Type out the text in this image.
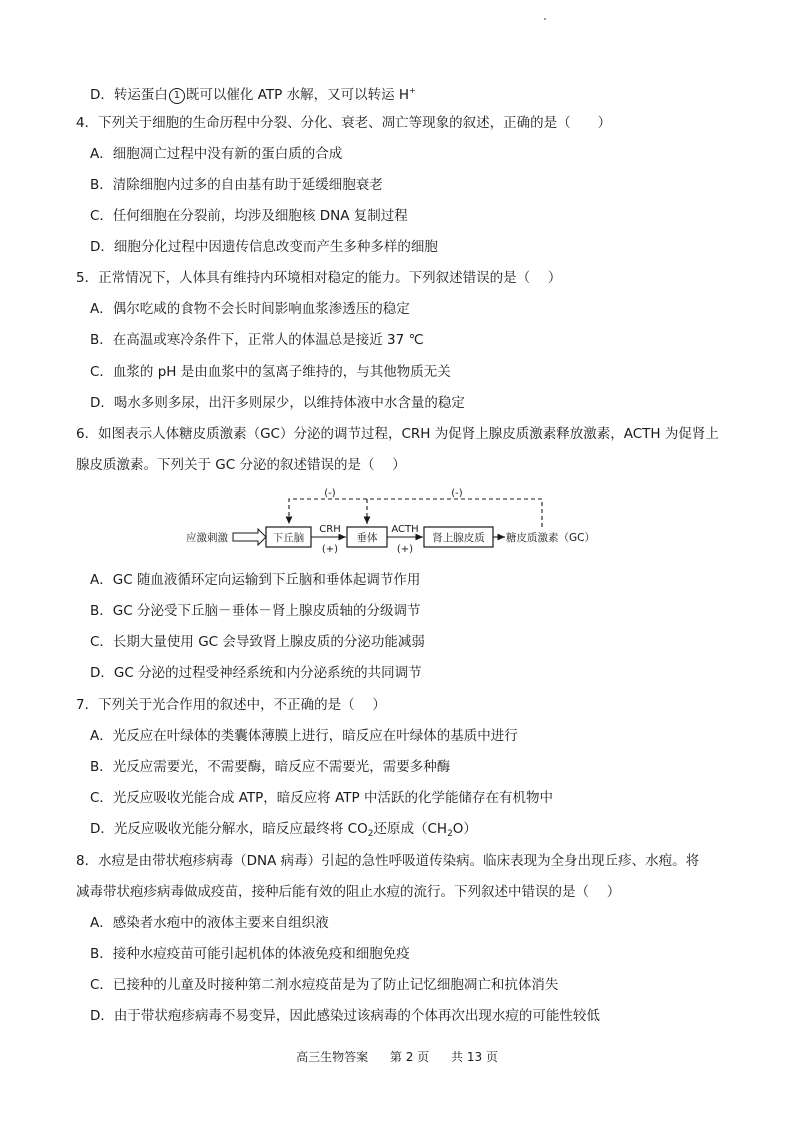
D．转运蛋白 1 既可以催化 ATP 水解，又可以转运 H+
4．下列关于细胞的生命历程中分裂、分化、衰老、凋亡等现象的叙述，正确的是（　　）
A．细胞凋亡过程中没有新的蛋白质的合成
B．清除细胞内过多的自由基有助于延缓细胞衰老
C．任何细胞在分裂前，均涉及细胞核 DNA 复制过程
D．细胞分化过程中因遗传信息改变而产生多种多样的细胞
5．正常情况下，人体具有维持内环境相对稳定的能力。下列叙述错误的是（　 ）
A．偶尔吃咸的食物不会长时间影响血浆渗透压的稳定
B．在高温或寒冷条件下，正常人的体温总是接近 37 ℃
C．血浆的 pH 是由血浆中的氢离子维持的，与其他物质无关
D．喝水多则多尿，出汗多则尿少，以维持体液中水含量的稳定
6．如图表示人体糖皮质激素（GC）分泌的调节过程，CRH 为促肾上腺皮质激素释放激素，ACTH 为促肾上
腺皮质激素。下列关于 GC 分泌的叙述错误的是（　 ）
(-)	(-)
应激刺激	下丘脑
CRH
(+)
垂体
ACTH
(+)
肾上腺皮质 糖皮质激素（GC）
A．GC 随血液循环定向运输到下丘脑和垂体起调节作用
B．GC 分泌受下丘脑－垂体－肾上腺皮质轴的分级调节
C．长期大量使用 GC 会导致肾上腺皮质的分泌功能减弱
D．GC 分泌的过程受神经系统和内分泌系统的共同调节
7．下列关于光合作用的叙述中，不正确的是（　 ）
A．光反应在叶绿体的类囊体薄膜上进行，暗反应在叶绿体的基质中进行
B．光反应需要光，不需要酶，暗反应不需要光，需要多种酶
C．光反应吸收光能合成 ATP，暗反应将 ATP 中活跃的化学能储存在有机物中
D．光反应吸收光能分解水，暗反应最终将 $CO_2$还原成$(CH_2O)$
8．水痘是由带状疱疹病毒（DNA 病毒）引起的急性呼吸道传染病。临床表现为全身出现丘疹、水疱。将
减毒带状疱疹病毒做成疫苗，接种后能有效的阻止水痘的流行。下列叙述中错误的是（　 ）
A．感染者水疱中的液体主要来自组织液
B．接种水痘疫苗可能引起机体的体液免疫和细胞免疫
C．已接种的儿童及时接种第二剂水痘疫苗是为了防止记忆细胞凋亡和抗体消失
D．由于带状疱疹病毒不易变异，因此感染过该病毒的个体再次出现水痘的可能性较低
高三生物答案 第 2 页 共 13 页
